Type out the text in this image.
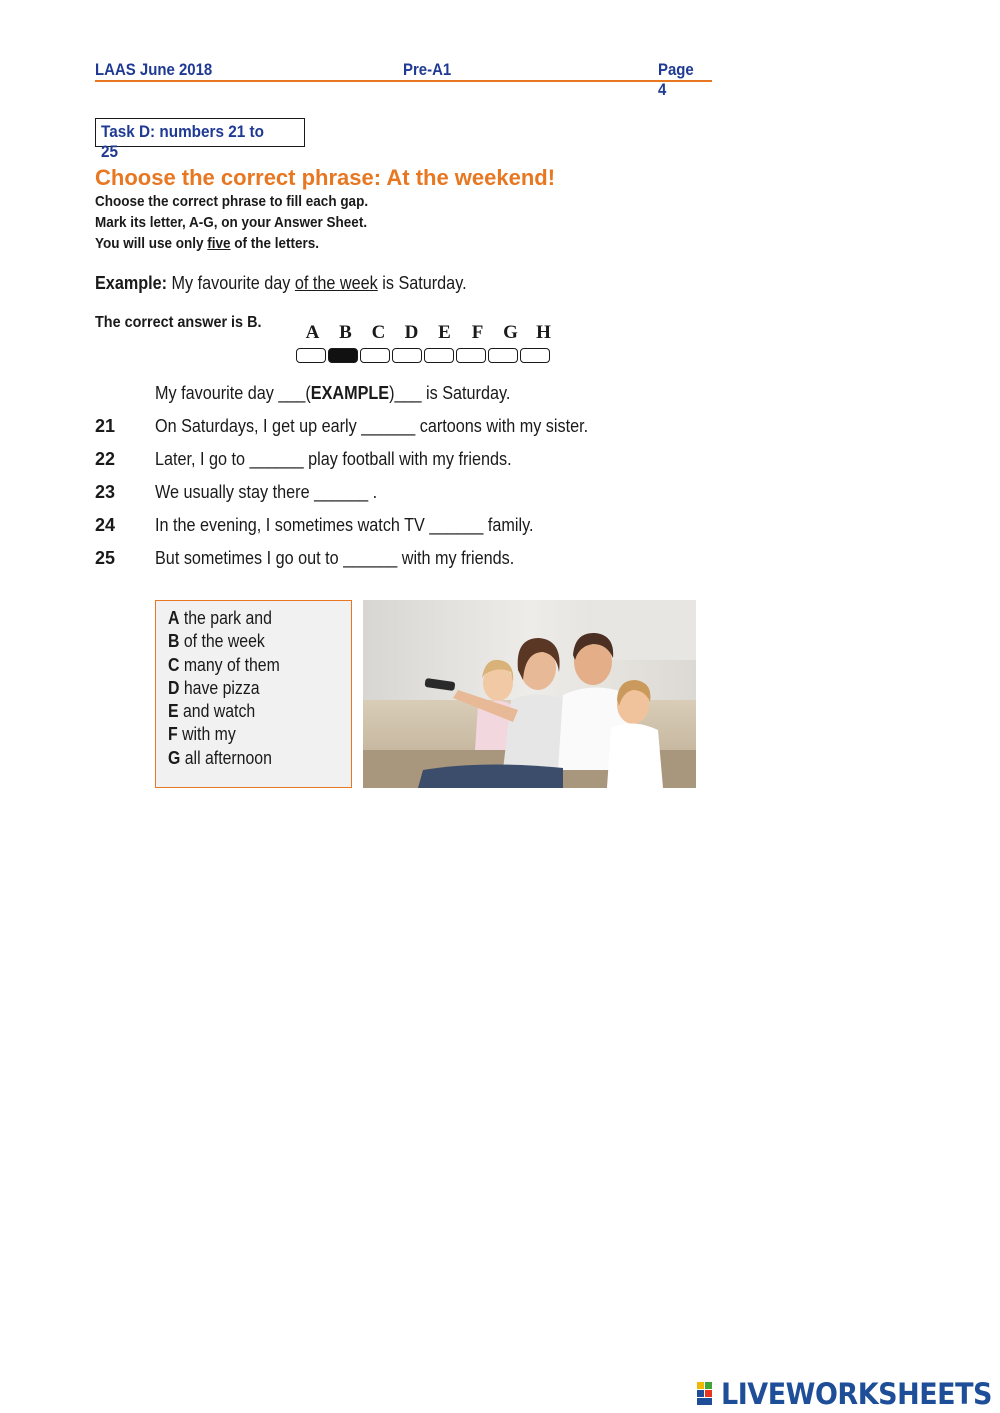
LAAS June 2018	Pre-A1	Page 4
Task D: numbers 21 to 25
Choose the correct phrase: At the weekend!
Choose the correct phrase to fill each gap.
Mark its letter, A-G, on your Answer Sheet.
You will use only five of the letters.
Example: My favourite day of the week is Saturday.
The correct answer is B.	A	B	C	D	E	F	G H
My favourite day ___(EXAMPLE)___ is Saturday.
21 On Saturdays, I get up early ______ cartoons with my sister.
22 Later, I go to ______ play football with my friends.
23 We usually stay there ______ .
24 In the evening, I sometimes watch TV ______ family.
25 But sometimes I go out to ______ with my friends.
A the park and
B of the week
C many of them
D have pizza
E and watch
F with my
G all afternoon
LIVEWORKSHEETS
